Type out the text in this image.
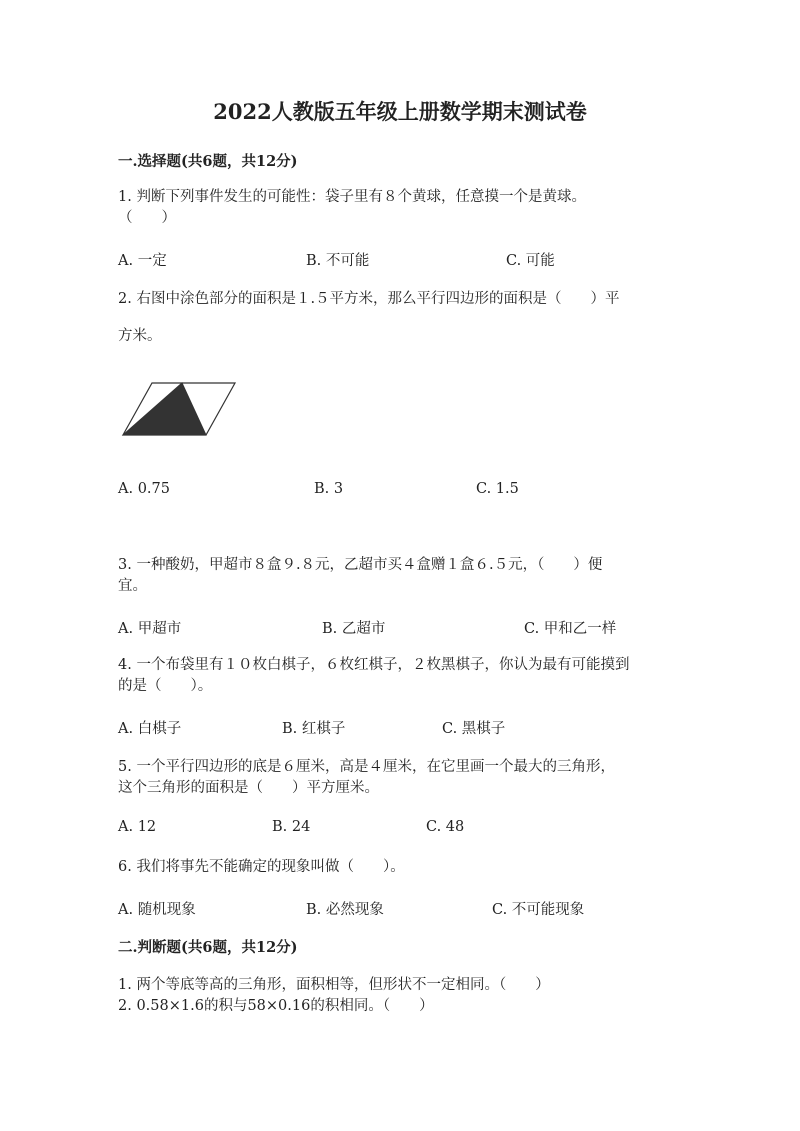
2022人教版五年级上册数学期末测试卷
一.选择题(共6题，共12分)
1. 判断下列事件发生的可能性：袋子里有８个黄球，任意摸一个是黄球。
（　　）
A. 一定	B. 不可能	C. 可能
2. 右图中涂色部分的面积是１.５平方米，那么平行四边形的面积是（　　）平
方米。
A. 0.75	B. 3	C. 1.5
3. 一种酸奶，甲超市８盒９.８元，乙超市买４盒赠１盒６.５元，（　　）便
宜。
A. 甲超市	B. 乙超市	C. 甲和乙一样
4. 一个布袋里有１０枚白棋子，６枚红棋子，２枚黑棋子，你认为最有可能摸到
的是（　　）。
A. 白棋子	B. 红棋子	C. 黑棋子
5. 一个平行四边形的底是６厘米，高是４厘米，在它里画一个最大的三角形，
这个三角形的面积是（　　）平方厘米。
A. 12	B. 24	C. 48
6. 我们将事先不能确定的现象叫做（　　）。
A. 随机现象	B. 必然现象	C. 不可能现象
二.判断题(共6题，共12分)
1. 两个等底等高的三角形，面积相等，但形状不一定相同。（　　）
2. 0.58×1.6的积与58×0.16的积相同。（　　）
